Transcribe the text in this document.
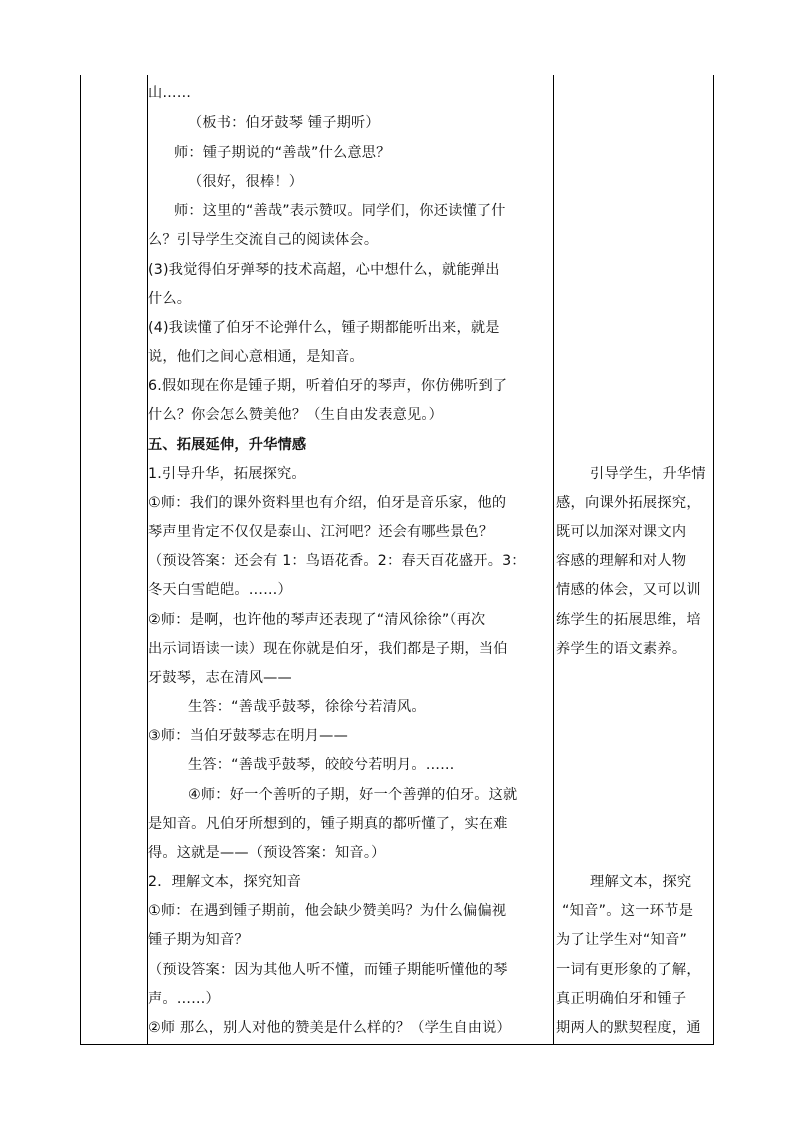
山……
（板书：伯牙鼓琴 锺子期听）
师：锺子期说的“善哉”什么意思？
（很好，很棒！）
师：这里的“善哉”表示赞叹。同学们，你还读懂了什
么？引导学生交流自己的阅读体会。
(3)我觉得伯牙弹琴的技术高超，心中想什么，就能弹出
什么。
(4)我读懂了伯牙不论弹什么，锺子期都能听出来，就是
说，他们之间心意相通，是知音。
6.假如现在你是锺子期，听着伯牙的琴声，你仿佛听到了
什么？你会怎么赞美他？（生自由发表意见。）
五、拓展延伸，升华情感
1.引导升华，拓展探究。
①师：我们的课外资料里也有介绍，伯牙是音乐家，他的
琴声里肯定不仅仅是泰山、江河吧？还会有哪些景色？
（预设答案：还会有 1：鸟语花香。2：春天百花盛开。3：
冬天白雪皑皑。……）
②师：是啊，也许他的琴声还表现了“清风徐徐”（再次
出示词语读一读）现在你就是伯牙，我们都是子期，当伯
牙鼓琴，志在清风——
生答：“善哉乎鼓琴，徐徐兮若清风。
③师：当伯牙鼓琴志在明月——
生答：“善哉乎鼓琴，皎皎兮若明月。……
④师：好一个善听的子期，好一个善弹的伯牙。这就
是知音。凡伯牙所想到的，锺子期真的都听懂了，实在难
得。这就是——（预设答案：知音。）
2．理解文本，探究知音
①师：在遇到锺子期前，他会缺少赞美吗？为什么偏偏视
锺子期为知音？
（预设答案：因为其他人听不懂，而锺子期能听懂他的琴
声。……）
②师 那么，别人对他的赞美是什么样的？（学生自由说）
引导学生，升华情
感，向课外拓展探究，
既可以加深对课文内
容感的理解和对人物
情感的体会，又可以训
练学生的拓展思维，培
养学生的语文素养。
理解文本，探究
“知音”。这一环节是
为了让学生对“知音”
一词有更形象的了解，
真正明确伯牙和锺子
期两人的默契程度，通
